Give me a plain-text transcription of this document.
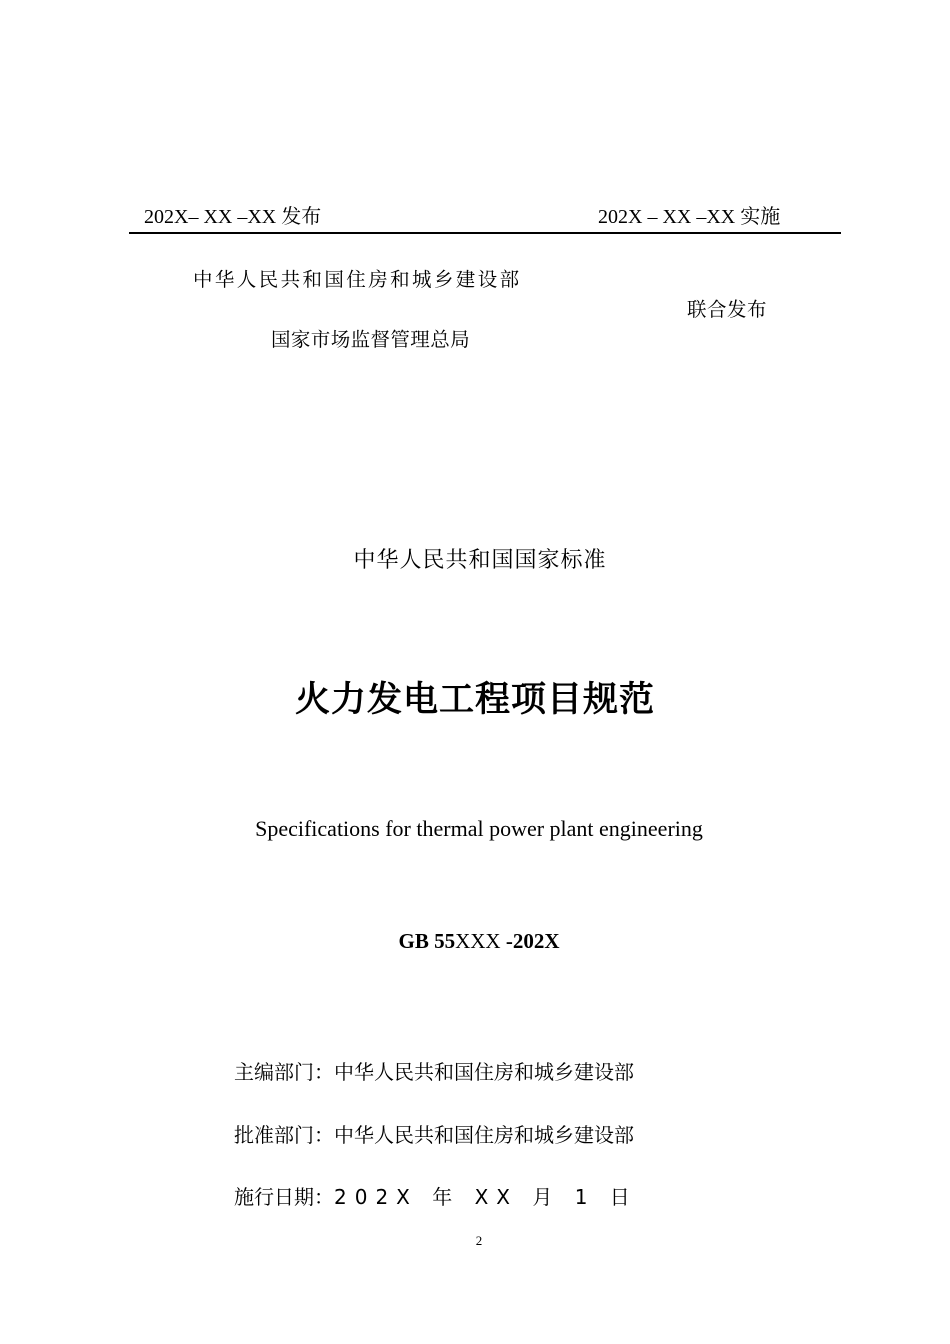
202X– XX –XX 发布	202X – XX –XX 实施
中华人民共和国住房和城乡建设部
联合发布
国家市场监督管理总局
中华人民共和国国家标准
火力发电工程项目规范
Specifications for thermal power plant engineering
GB 55XXX -202X
主编部门：中华人民共和国住房和城乡建设部
批准部门：中华人民共和国住房和城乡建设部
施行日期：202X 年 XX 月 1 日
2
